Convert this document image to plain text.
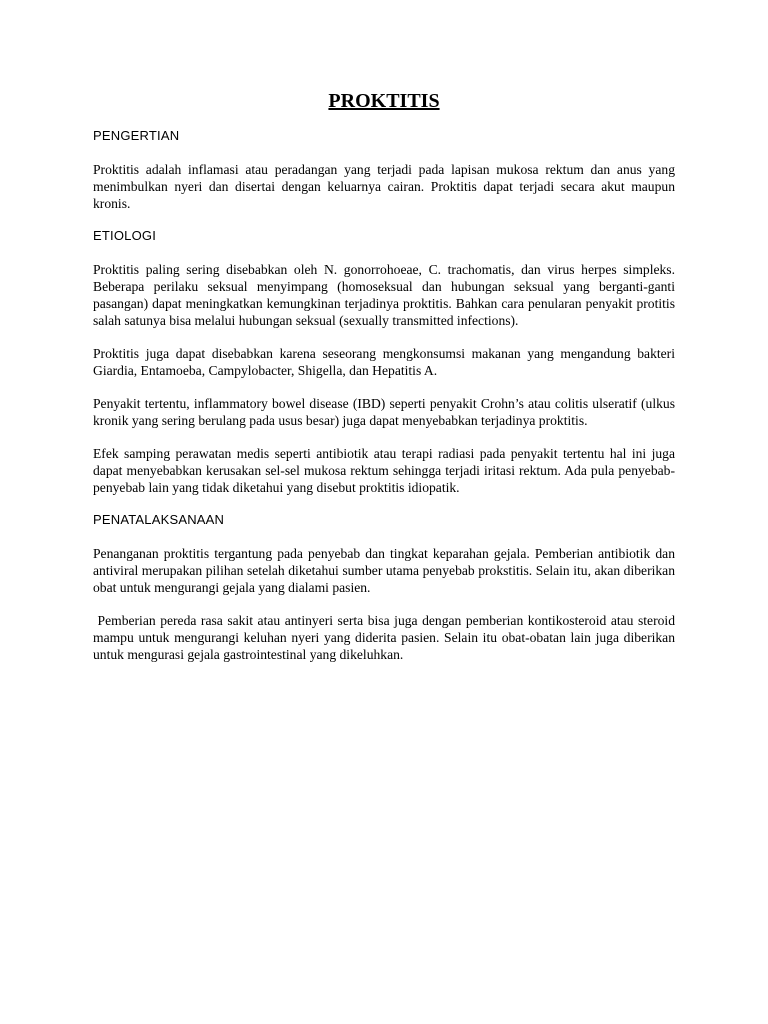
PROKTITIS
PENGERTIAN

Proktitis adalah inflamasi atau peradangan yang terjadi pada lapisan mukosa rektum dan anus yang menimbulkan nyeri dan disertai dengan keluarnya cairan. Proktitis dapat terjadi secara akut maupun kronis.

ETIOLOGI

Proktitis paling sering disebabkan oleh N. gonorrohoeae, C. trachomatis, dan virus herpes simpleks. Beberapa perilaku seksual menyimpang (homoseksual dan hubungan seksual yang berganti-ganti pasangan) dapat meningkatkan kemungkinan terjadinya proktitis. Bahkan cara penularan penyakit protitis salah satunya bisa melalui hubungan seksual (sexually transmitted infections).

Proktitis juga dapat disebabkan karena seseorang mengkonsumsi makanan yang mengandung bakteri Giardia, Entamoeba, Campylobacter, Shigella, dan Hepatitis A.

Penyakit tertentu, inflammatory bowel disease (IBD) seperti penyakit Crohn’s atau colitis ulseratif (ulkus kronik yang sering berulang pada usus besar) juga dapat menyebabkan terjadinya proktitis.

Efek samping perawatan medis seperti antibiotik atau terapi radiasi pada penyakit tertentu hal ini juga dapat menyebabkan kerusakan sel-sel mukosa rektum sehingga terjadi iritasi rektum. Ada pula penyebab-penyebab lain yang tidak diketahui yang disebut proktitis idiopatik.

PENATALAKSANAAN

Penanganan proktitis tergantung pada penyebab dan tingkat keparahan gejala. Pemberian antibiotik dan antiviral merupakan pilihan setelah diketahui sumber utama penyebab prokstitis. Selain itu, akan diberikan obat untuk mengurangi gejala yang dialami pasien.

Pemberian pereda rasa sakit atau antinyeri serta bisa juga dengan pemberian kontikosteroid atau steroid mampu untuk mengurangi keluhan nyeri yang diderita pasien. Selain itu obat-obatan lain juga diberikan untuk mengurasi gejala gastrointestinal yang dikeluhkan.
